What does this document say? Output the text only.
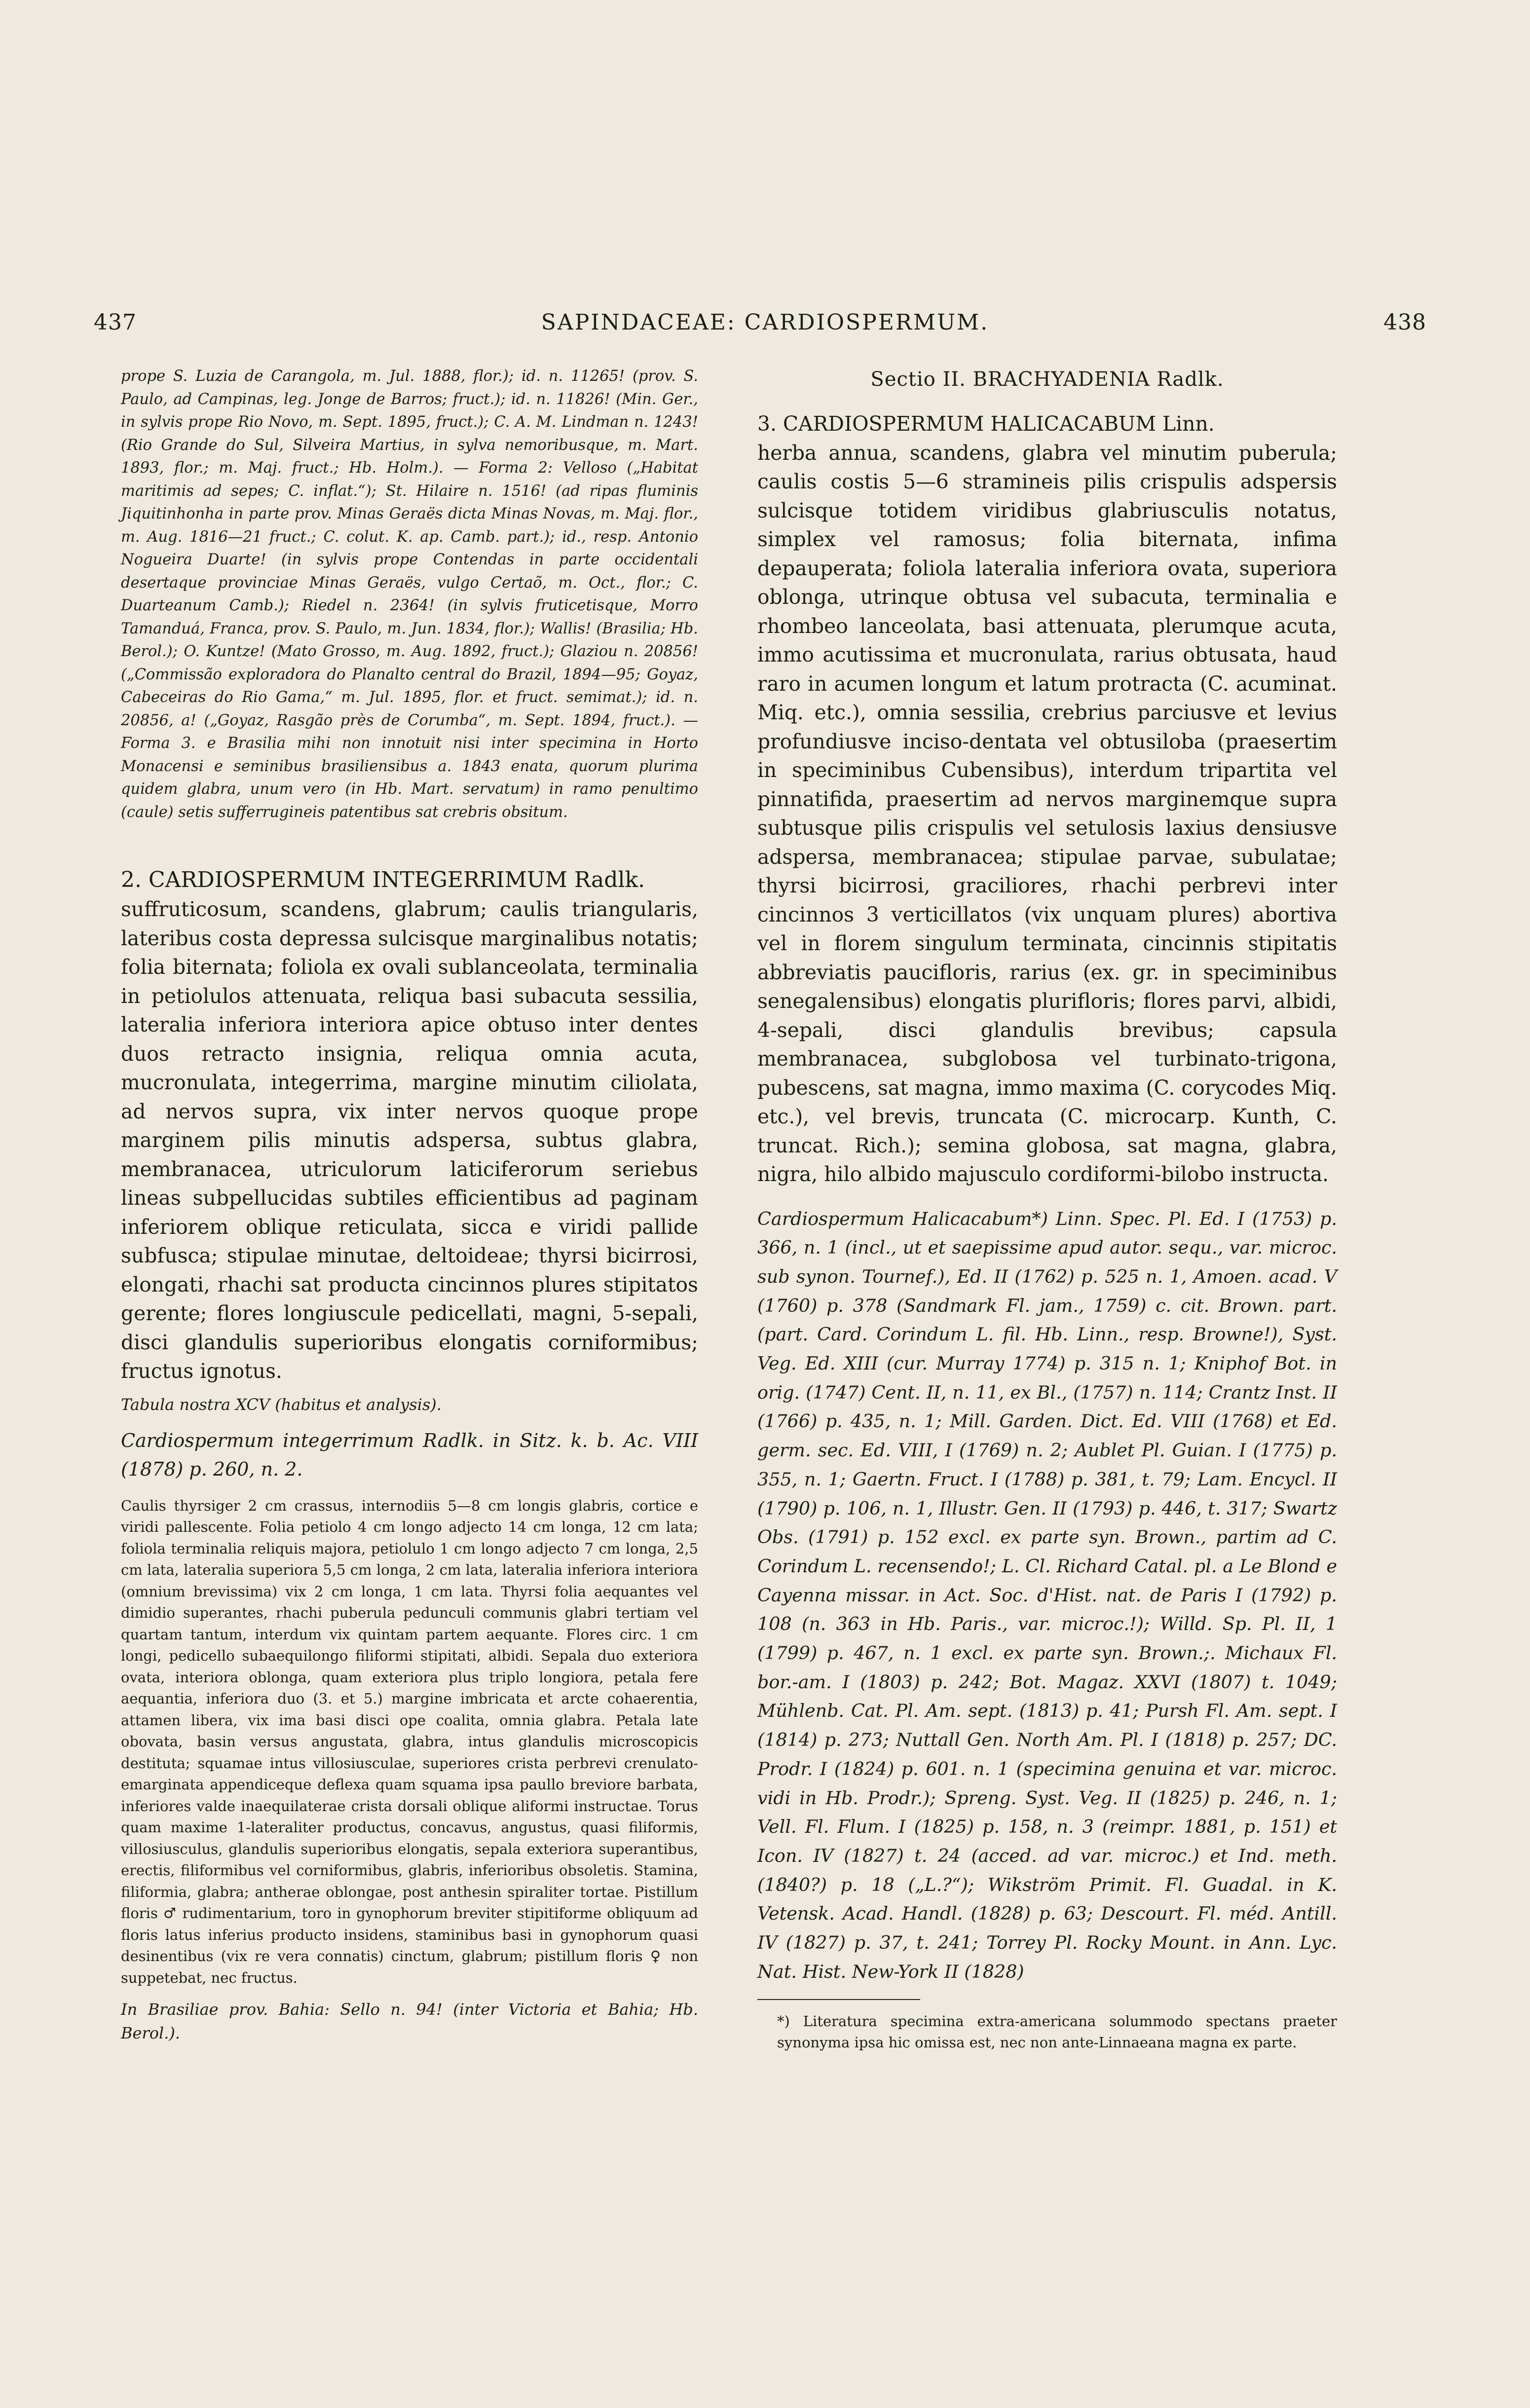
437	SAPINDACEAE: CARDIOSPERMUM.	438

prope S. Luzia de Carangola, m. Jul. 1888, flor.); id. n. 11265! (prov. S. Paulo, ad Campinas, leg. Jonge de Barros; fruct.); id. n. 11826! (Min. Ger., in sylvis prope Rio Novo, m. Sept. 1895, fruct.); C. A. M. Lindman n. 1243! (Rio Grande do Sul, Silveira Martius, in sylva nemoribusque, m. Mart. 1893, flor.; m. Maj. fruct.; Hb. Holm.). — Forma 2: Velloso („Habitat maritimis ad sepes; C. inflat.“); St. Hilaire n. 1516! (ad ripas fluminis Jiquitinhonha in parte prov. Minas Geraës dicta Minas Novas, m. Maj. flor., m. Aug. 1816—21 fruct.; C. colut. K. ap. Camb. part.); id., resp. Antonio Nogueira Duarte! (in sylvis prope Contendas in parte occidentali desertaque provinciae Minas Geraës, vulgo Certaõ, m. Oct., flor.; C. Duarteanum Camb.); Riedel n. 2364! (in sylvis fruticetisque, Morro Tamanduá, Franca, prov. S. Paulo, m. Jun. 1834, flor.); Wallis! (Brasilia; Hb. Berol.); O. Kuntze! (Mato Grosso, m. Aug. 1892, fruct.); Glaziou n. 20856! („Commissão exploradora do Planalto central do Brazil, 1894—95; Goyaz, Cabeceiras do Rio Gama,“ m. Jul. 1895, flor. et fruct. semimat.); id. n. 20856, a! („Goyaz, Rasgão près de Corumba“, m. Sept. 1894, fruct.). — Forma 3. e Brasilia mihi non innotuit nisi inter specimina in Horto Monacensi e seminibus brasiliensibus a. 1843 enata, quorum plurima quidem glabra, unum vero (in Hb. Mart. servatum) in ramo penultimo (caule) setis sufferrugineis patentibus sat crebris obsitum.

2. CARDIOSPERMUM INTEGERRIMUM Radlk.

suffruticosum, scandens, glabrum; caulis triangularis, lateribus costa depressa sulcisque marginalibus notatis; folia biternata; foliola ex ovali sublanceolata, terminalia in petiolulos attenuata, reliqua basi subacuta sessilia, lateralia inferiora interiora apice obtuso inter dentes duos retracto insignia, reliqua omnia acuta, mucronulata, integerrima, margine minutim ciliolata, ad nervos supra, vix inter nervos quoque prope marginem pilis minutis adspersa, subtus glabra, membranacea, utriculorum laticiferorum seriebus lineas subpellucidas subtiles efficientibus ad paginam inferiorem oblique reticulata, sicca e viridi pallide subfusca; stipulae minutae, deltoideae; thyrsi bicirrosi, elongati, rhachi sat producta cincinnos plures stipitatos gerente; flores longiuscule pedicellati, magni, 5-sepali, disci glandulis superioribus elongatis corniformibus; fructus ignotus.

Tabula nostra XCV (habitus et analysis).

Cardiospermum integerrimum Radlk. in Sitz. k. b. Ac. VIII (1878) p. 260, n. 2.

Caulis thyrsiger 2 cm crassus, internodiis 5—8 cm longis glabris, cortice e viridi pallescente. Folia petiolo 4 cm longo adjecto 14 cm longa, 12 cm lata; foliola terminalia reliquis majora, petiolulo 1 cm longo adjecto 7 cm longa, 2,5 cm lata, lateralia superiora 5,5 cm longa, 2 cm lata, lateralia inferiora interiora (omnium brevissima) vix 2 cm longa, 1 cm lata. Thyrsi folia aequantes vel dimidio superantes, rhachi puberula pedunculi communis glabri tertiam vel quartam tantum, interdum vix quintam partem aequante. Flores circ. 1 cm longi, pedicello subaequilongo filiformi stipitati, albidi. Sepala duo exteriora ovata, interiora oblonga, quam exteriora plus triplo longiora, petala fere aequantia, inferiora duo (3. et 5.) margine imbricata et arcte cohaerentia, attamen libera, vix ima basi disci ope coalita, omnia glabra. Petala late obovata, basin versus angustata, glabra, intus glandulis microscopicis destituta; squamae intus villosiusculae, superiores crista perbrevi crenulato-emarginata appendiceque deflexa quam squama ipsa paullo breviore barbata, inferiores valde inaequilaterae crista dorsali oblique aliformi instructae. Torus quam maxime 1-lateraliter productus, concavus, angustus, quasi filiformis, villosiusculus, glandulis superioribus elongatis, sepala exteriora superantibus, erectis, filiformibus vel corniformibus, glabris, inferioribus obsoletis. Stamina, filiformia, glabra; antherae oblongae, post anthesin spiraliter tortae. Pistillum floris ♂ rudimentarium, toro in gynophorum breviter stipitiforme obliquum ad floris latus inferius producto insidens, staminibus basi in gynophorum quasi desinentibus (vix re vera connatis) cinctum, glabrum; pistillum floris ♀ non suppetebat, nec fructus.

In Brasiliae prov. Bahia: Sello n. 94! (inter Victoria et Bahia; Hb. Berol.).

Sectio II. BRACHYADENIA Radlk.

3. CARDIOSPERMUM HALICACABUM Linn.

herba annua, scandens, glabra vel minutim puberula; caulis costis 5—6 stramineis pilis crispulis adspersis sulcisque totidem viridibus glabriusculis notatus, simplex vel ramosus; folia biternata, infima depauperata; foliola lateralia inferiora ovata, superiora oblonga, utrinque obtusa vel subacuta, terminalia e rhombeo lanceolata, basi attenuata, plerumque acuta, immo acutissima et mucronulata, rarius obtusata, haud raro in acumen longum et latum protracta (C. acuminat. Miq. etc.), omnia sessilia, crebrius parciusve et levius profundiusve inciso-dentata vel obtusiloba (praesertim in speciminibus Cubensibus), interdum tripartita vel pinnatifida, praesertim ad nervos marginemque supra subtusque pilis crispulis vel setulosis laxius densiusve adspersa, membranacea; stipulae parvae, subulatae; thyrsi bicirrosi, graciliores, rhachi perbrevi inter cincinnos 3 verticillatos (vix unquam plures) abortiva vel in florem singulum terminata, cincinnis stipitatis abbreviatis paucifloris, rarius (ex. gr. in speciminibus senegalensibus) elongatis plurifloris; flores parvi, albidi, 4-sepali, disci glandulis brevibus; capsula membranacea, subglobosa vel turbinato-trigona, pubescens, sat magna, immo maxima (C. corycodes Miq. etc.), vel brevis, truncata (C. microcarp. Kunth, C. truncat. Rich.); semina globosa, sat magna, glabra, nigra, hilo albido majusculo cordiformi-bilobo instructa.

Cardiospermum Halicacabum*) Linn. Spec. Pl. Ed. I (1753) p. 366, n. 1 (incl., ut et saepissime apud autor. sequ., var. microc. sub synon. Tournef.), Ed. II (1762) p. 525 n. 1, Amoen. acad. V (1760) p. 378 (Sandmark Fl. jam., 1759) c. cit. Brown. part. (part. Card. Corindum L. fil. Hb. Linn., resp. Browne!), Syst. Veg. Ed. XIII (cur. Murray 1774) p. 315 n. 1; Kniphof Bot. in orig. (1747) Cent. II, n. 11, ex Bl., (1757) n. 114; Crantz Inst. II (1766) p. 435, n. 1; Mill. Garden. Dict. Ed. VIII (1768) et Ed. germ. sec. Ed. VIII, I (1769) n. 2; Aublet Pl. Guian. I (1775) p. 355, n. 1; Gaertn. Fruct. I (1788) p. 381, t. 79; Lam. Encycl. II (1790) p. 106, n. 1, Illustr. Gen. II (1793) p. 446, t. 317; Swartz Obs. (1791) p. 152 excl. ex parte syn. Brown., partim ad C. Corindum L. recensendo!; L. Cl. Richard Catal. pl. a Le Blond e Cayenna missar. in Act. Soc. d'Hist. nat. de Paris I (1792) p. 108 (n. 363 in Hb. Paris., var. microc.!); Willd. Sp. Pl. II, 1 (1799) p. 467, n. 1 excl. ex parte syn. Brown.;. Michaux Fl. bor.-am. I (1803) p. 242; Bot. Magaz. XXVI (1807) t. 1049; Mühlenb. Cat. Pl. Am. sept. (1813) p. 41; Pursh Fl. Am. sept. I (1814) p. 273; Nuttall Gen. North Am. Pl. I (1818) p. 257; DC. Prodr. I (1824) p. 601. n. 1 (specimina genuina et var. microc. vidi in Hb. Prodr.); Spreng. Syst. Veg. II (1825) p. 246, n. 1; Vell. Fl. Flum. I (1825) p. 158, n. 3 (reimpr. 1881, p. 151) et Icon. IV (1827) t. 24 (acced. ad var. microc.) et Ind. meth. (1840?) p. 18 („L.?“); Wikström Primit. Fl. Guadal. in K. Vetensk. Acad. Handl. (1828) p. 63; Descourt. Fl. méd. Antill. IV (1827) p. 37, t. 241; Torrey Pl. Rocky Mount. in Ann. Lyc. Nat. Hist. New-York II (1828)

*) Literatura specimina extra-americana solummodo spectans praeter synonyma ipsa hic omissa est, nec non ante-Linnaeana magna ex parte.
